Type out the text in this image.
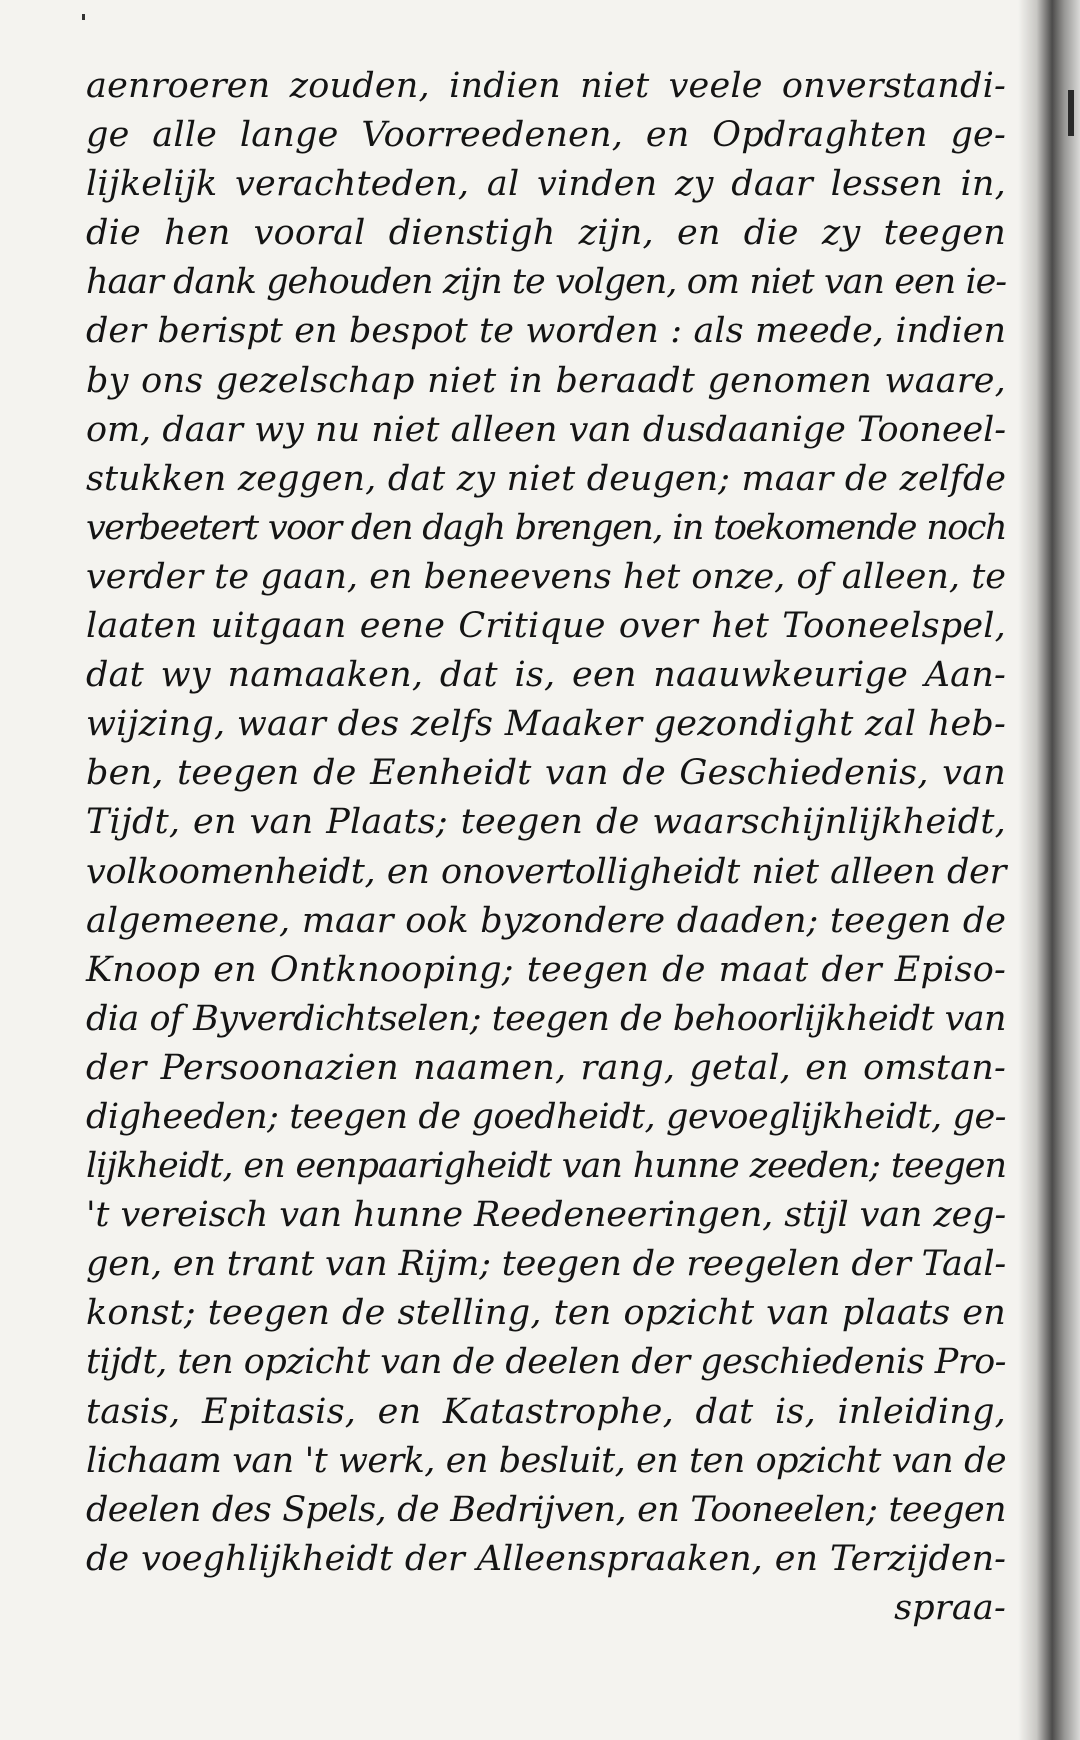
aenroeren zouden, indien niet veele onverstandi-
ge alle lange Voorreedenen, en Opdraghten ge-
lijkelijk verachteden, al vinden zy daar lessen in,
die hen vooral dienstigh zijn, en die zy teegen
haar dank gehouden zijn te volgen, om niet van een ie-
der berispt en bespot te worden : als meede, indien
by ons gezelschap niet in beraadt genomen waare,
om, daar wy nu niet alleen van dusdaanige Tooneel-
stukken zeggen, dat zy niet deugen; maar de zelfde
verbeetert voor den dagh brengen, in toekomende noch
verder te gaan, en beneevens het onze, of alleen, te
laaten uitgaan eene Critique over het Tooneelspel,
dat wy namaaken, dat is, een naauwkeurige Aan-
wijzing, waar des zelfs Maaker gezondight zal heb-
ben, teegen de Eenheidt van de Geschiedenis, van
Tijdt, en van Plaats; teegen de waarschijnlijkheidt,
volkoomenheidt, en onovertolligheidt niet alleen der
algemeene, maar ook byzondere daaden; teegen de
Knoop en Ontknooping; teegen de maat der Episo-
dia of Byverdichtselen; teegen de behoorlijkheidt van
der Persoonazien naamen, rang, getal, en omstan-
digheeden; teegen de goedheidt, gevoeglijkheidt, ge-
lijkheidt, en eenpaarigheidt van hunne zeeden; teegen
't vereisch van hunne Reedeneeringen, stijl van zeg-
gen, en trant van Rijm; teegen de reegelen der Taal-
konst; teegen de stelling, ten opzicht van plaats en
tijdt, ten opzicht van de deelen der geschiedenis Pro-
tasis, Epitasis, en Katastrophe, dat is, inleiding,
lichaam van 't werk, en besluit, en ten opzicht van de
deelen des Spels, de Bedrijven, en Tooneelen; teegen
de voeghlijkheidt der Alleenspraaken, en Terzijden-
spraa-
